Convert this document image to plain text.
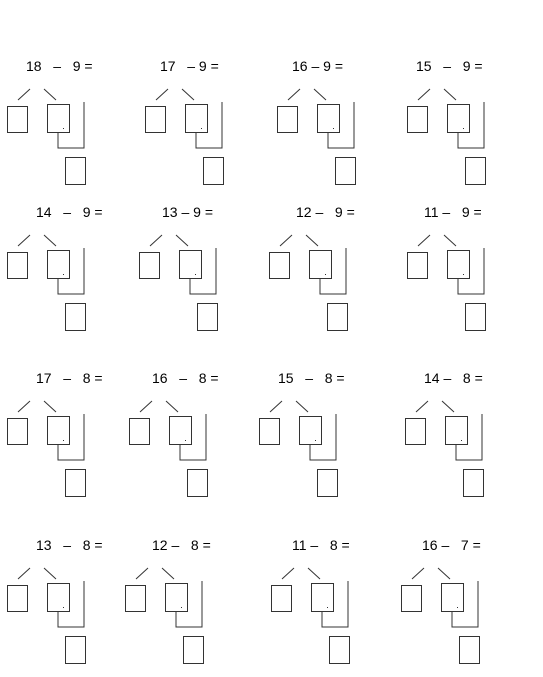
18   –   9 =	17   – 9 =	16 – 9 =	15   –   9 =
14   –   9 =	13 – 9 =	12 –   9 =	11 –   9 =
17   –   8 =	16   –   8 =	15   –   8 =	14 –   8 =
13   –   8 =	12 –   8 =	11 –   8 =	16 –   7 =
